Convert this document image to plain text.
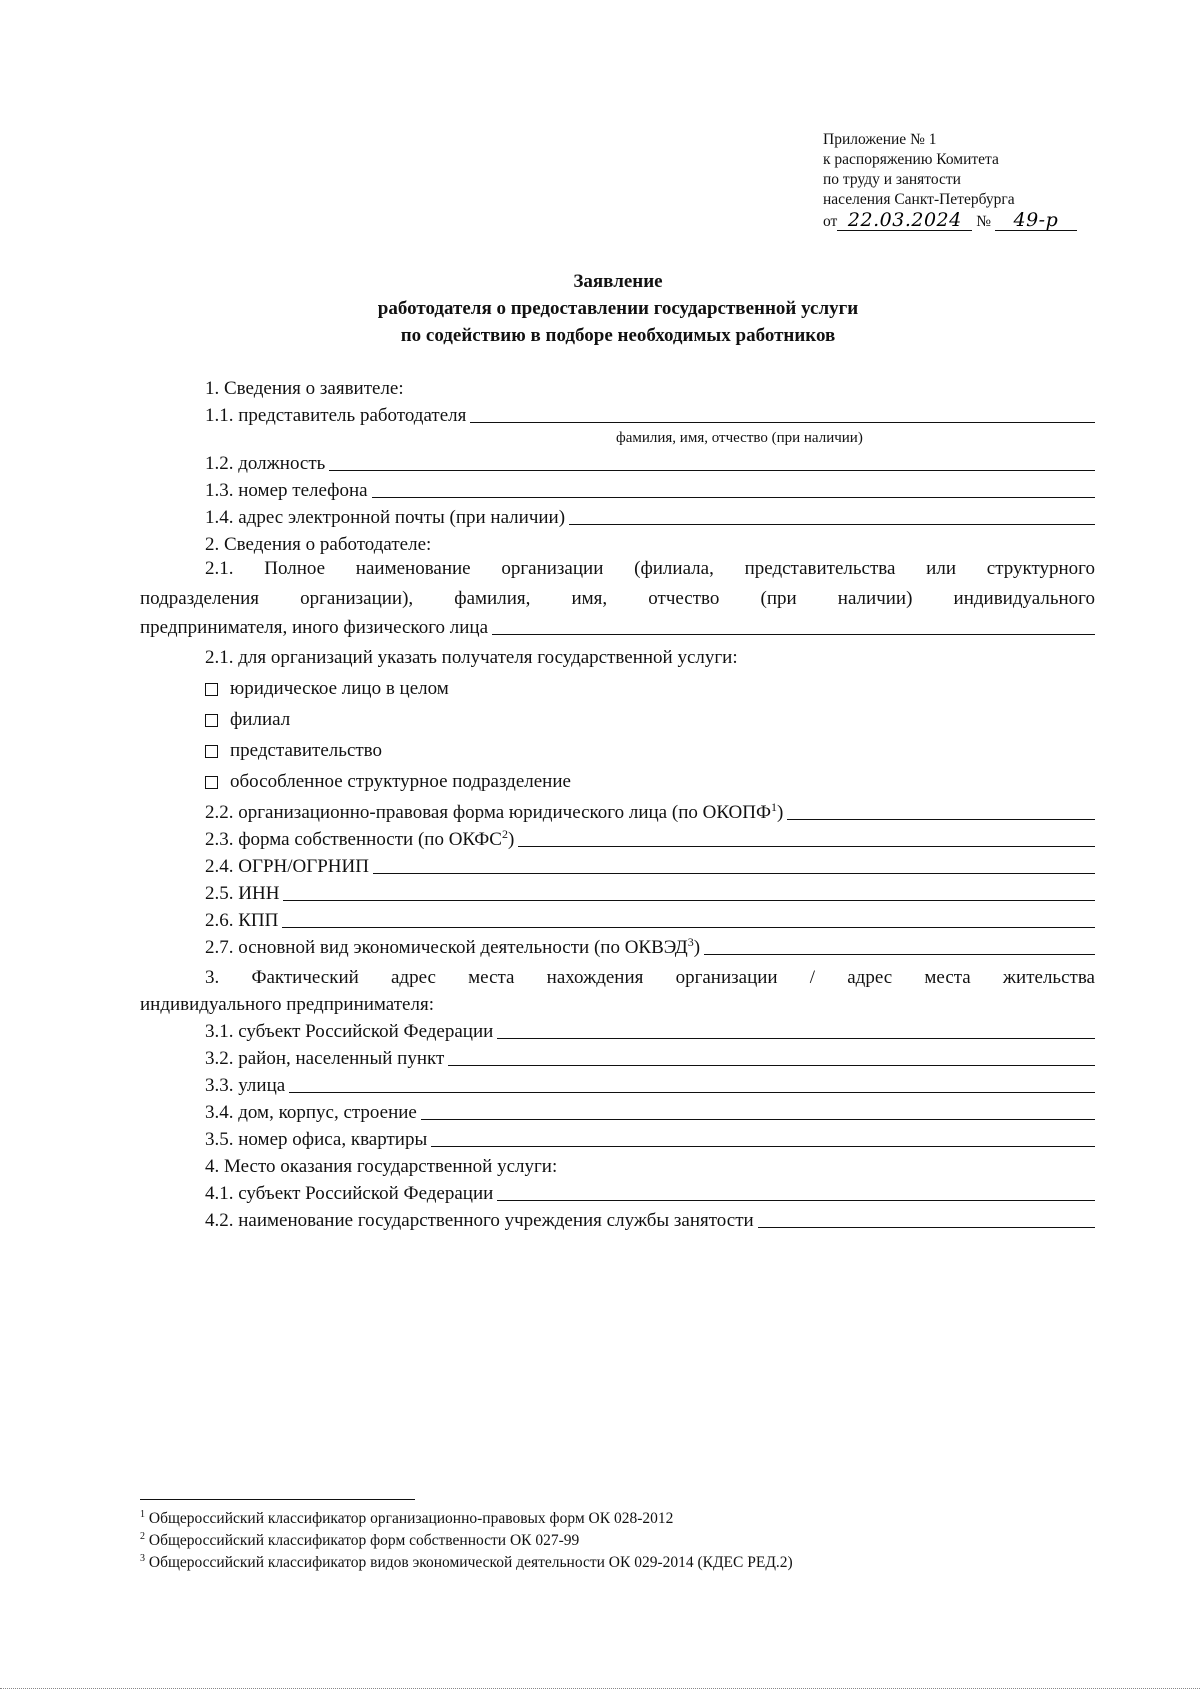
Приложение № 1
к распоряжению Комитета
по труду и занятости
населения Санкт-Петербурга
от 22.03.2024 № 49-р
Заявление
работодателя о предоставлении государственной услуги
по содействию в подборе необходимых работников
1. Сведения о заявителе:
1.1. представитель работодателя
фамилия, имя, отчество (при наличии)
1.2. должность
1.3. номер телефона
1.4. адрес электронной почты (при наличии)
2. Сведения о работодателе:
2.1. Полное наименование организации (филиала, представительства или структурного
подразделения организации), фамилия, имя, отчество (при наличии) индивидуального
предпринимателя, иного физического лица
2.1. для организаций указать получателя государственной услуги:
юридическое лицо в целом
филиал
представительство
обособленное структурное подразделение
2.2. организационно-правовая форма юридического лица (по ОКОПФ$^1$)
2.3. форма собственности (по ОКФС$^2$)
2.4. ОГРН/ОГРНИП
2.5. ИНН
2.6. КПП
2.7. основной вид экономической деятельности (по ОКВЭД$^3$)
3. Фактический адрес места нахождения организации / адрес места жительства
индивидуального предпринимателя:
3.1. субъект Российской Федерации
3.2. район, населенный пункт
3.3. улица
3.4. дом, корпус, строение
3.5. номер офиса, квартиры
4. Место оказания государственной услуги:
4.1. субъект Российской Федерации
4.2. наименование государственного учреждения службы занятости
$^1$ Общероссийский классификатор организационно-правовых форм ОК 028-2012
$^2$ Общероссийский классификатор форм собственности ОК 027-99
$^3$ Общероссийский классификатор видов экономической деятельности ОК 029-2014 (КДЕС РЕД.2)
